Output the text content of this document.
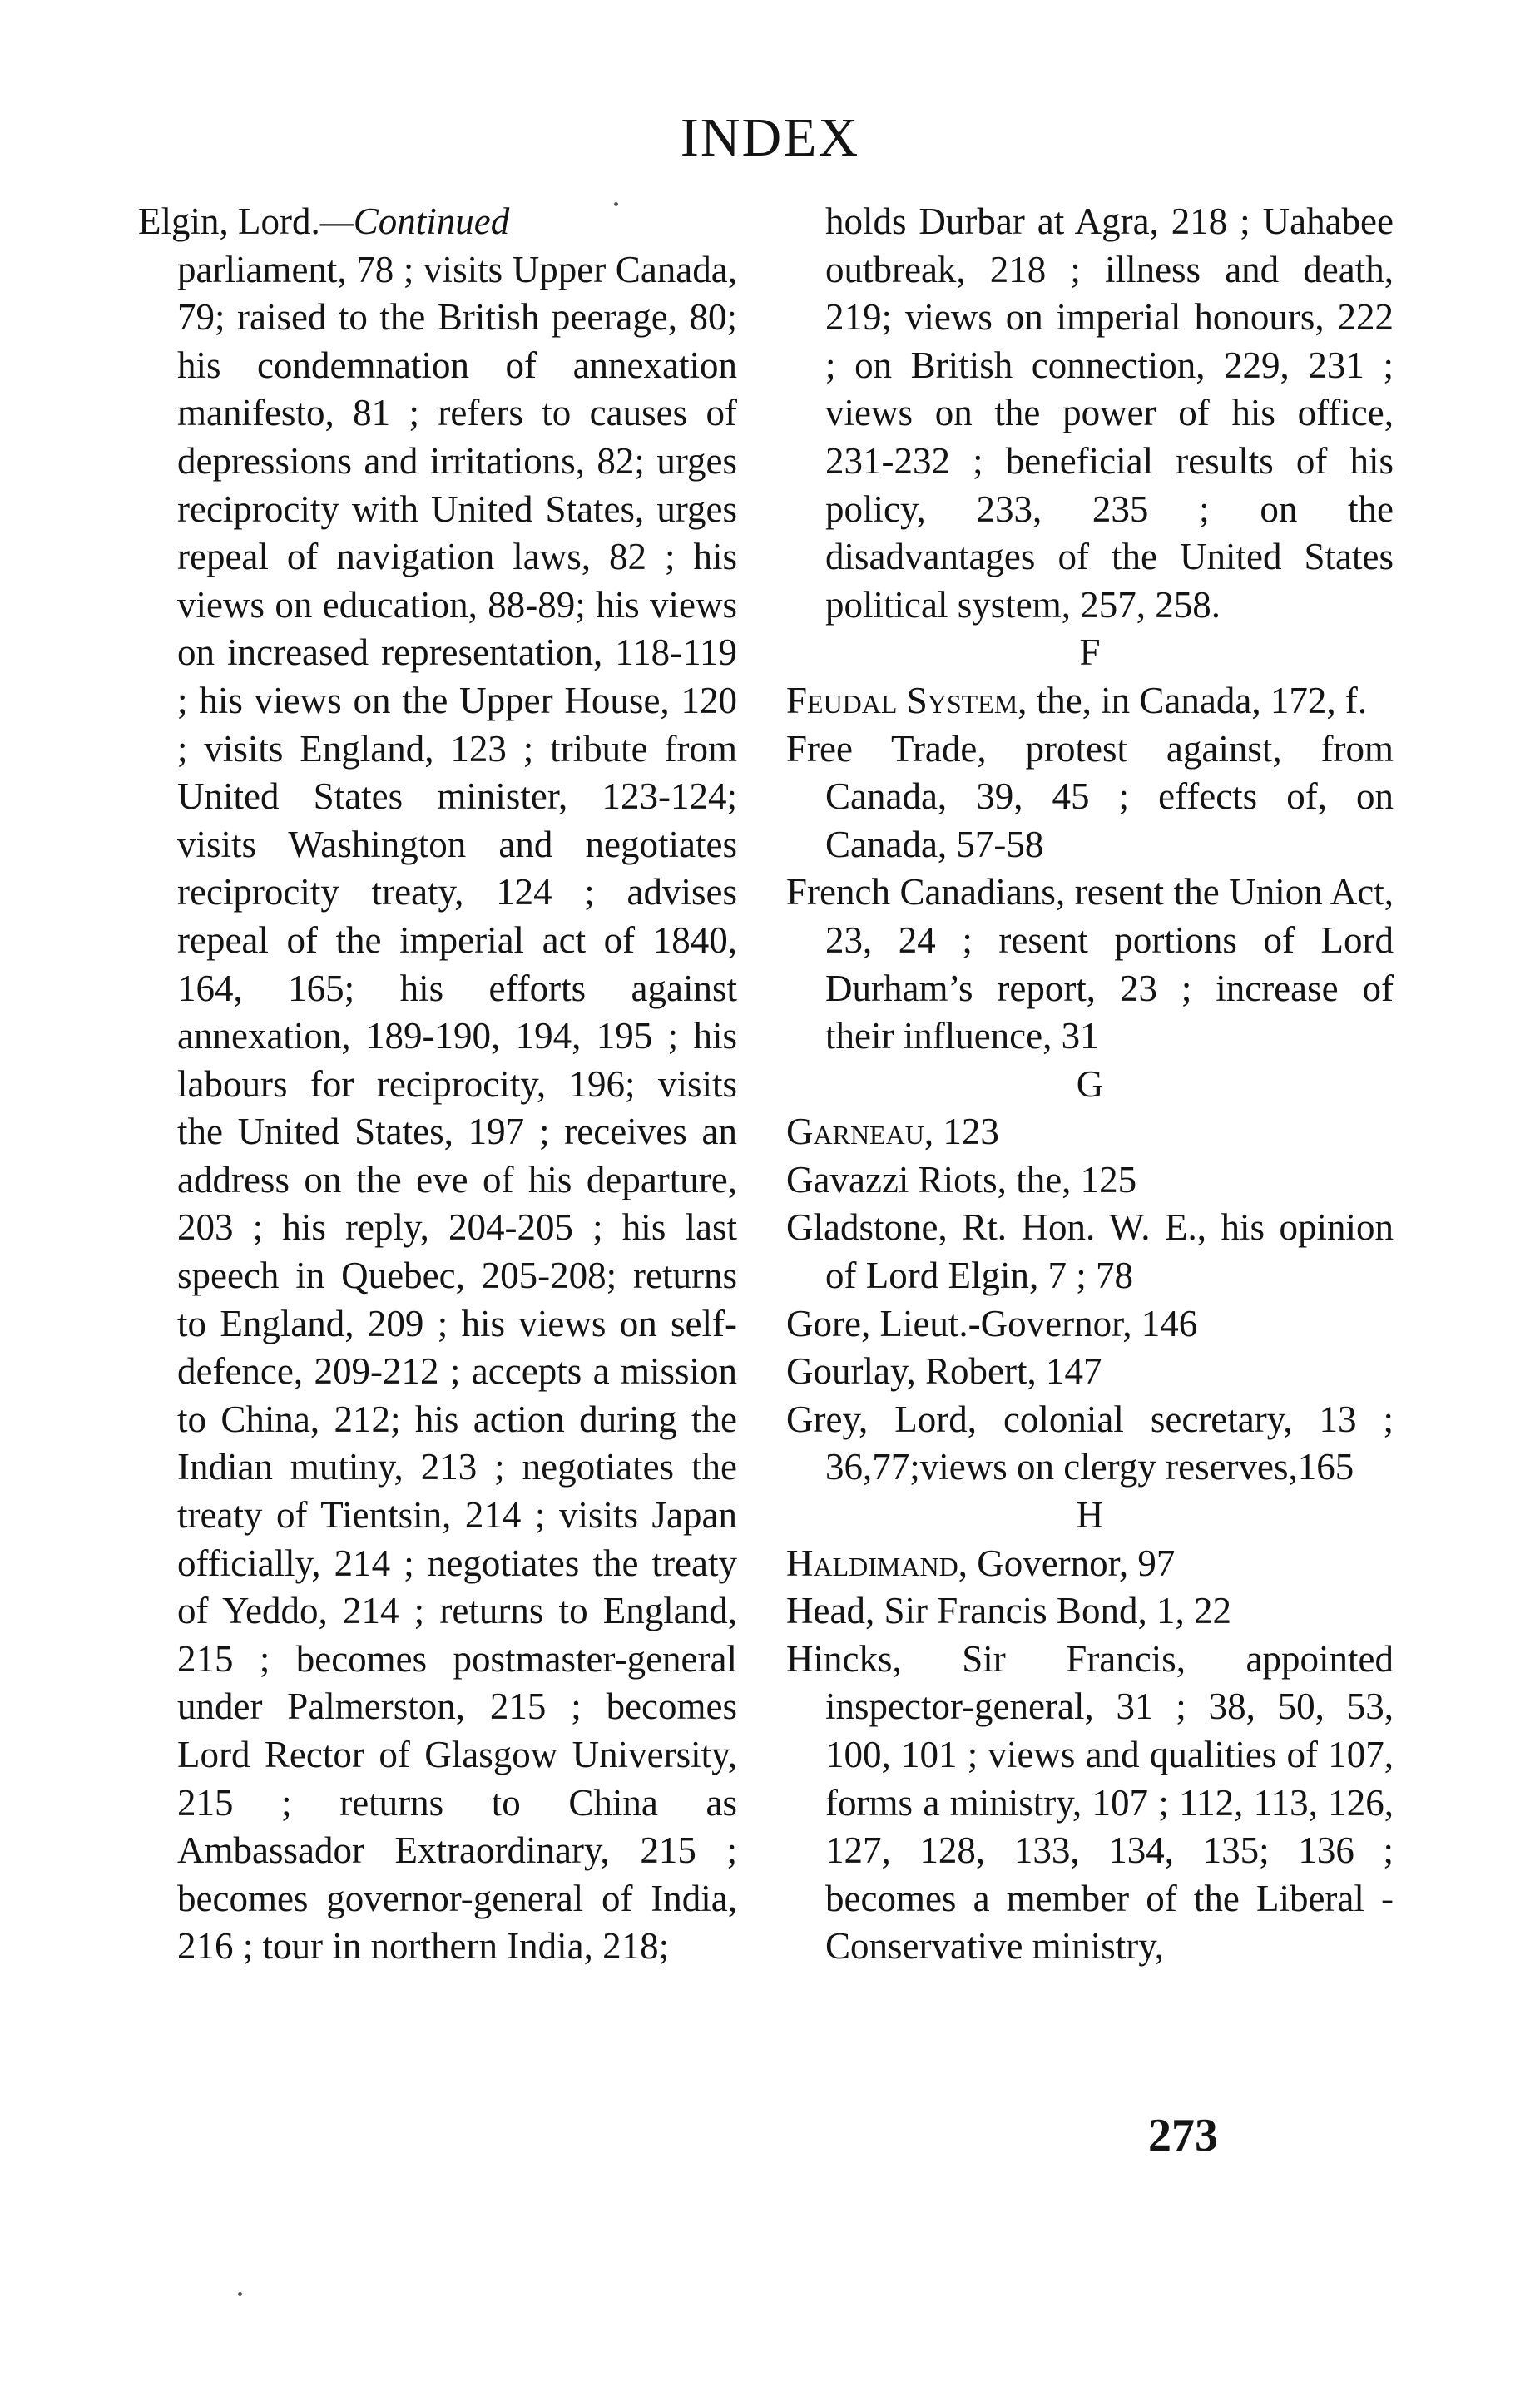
INDEX
Elgin, Lord.—Continued
parliament, 78 ; visits Upper Canada, 79; raised to the British peerage, 80; his condemnation of annexation manifesto, 81 ; refers to causes of depressions and irritations, 82; urges reciprocity with United States, urges repeal of navigation laws, 82 ; his views on education, 88-89; his views on increased representation, 118-119 ; his views on the Upper House, 120 ; visits England, 123 ; tribute from United States minister, 123-124; visits Washington and negotiates reciprocity treaty, 124 ; advises repeal of the imperial act of 1840, 164, 165; his efforts against annexation, 189-190, 194, 195 ; his labours for reciprocity, 196; visits the United States, 197 ; receives an address on the eve of his departure, 203 ; his reply, 204-205 ; his last speech in Quebec, 205-208; returns to England, 209 ; his views on self-defence, 209-212 ; accepts a mission to China, 212; his action during the Indian mutiny, 213 ; negotiates the treaty of Tientsin, 214 ; visits Japan officially, 214 ; negotiates the treaty of Yeddo, 214 ; returns to England, 215 ; becomes postmaster-general under Palmerston, 215 ; becomes Lord Rector of Glasgow University, 215 ; returns to China as Ambassador Extraordinary, 215 ; becomes governor-general of India, 216 ; tour in northern India, 218;
holds Durbar at Agra, 218 ; Uahabee outbreak, 218 ; illness and death, 219; views on imperial honours, 222 ; on British connection, 229, 231 ; views on the power of his office, 231-232 ; beneficial results of his policy, 233, 235 ; on the disadvantages of the United States political system, 257, 258.
F
Feudal System, the, in Canada, 172, f.
Free Trade, protest against, from Canada, 39, 45 ; effects of, on Canada, 57-58
French Canadians, resent the Union Act, 23, 24 ; resent portions of Lord Durham’s report, 23 ; increase of their influence, 31
G
Garneau, 123
Gavazzi Riots, the, 125
Gladstone, Rt. Hon. W. E., his opinion of Lord Elgin, 7 ; 78
Gore, Lieut.-Governor, 146
Gourlay, Robert, 147
Grey, Lord, colonial secretary, 13 ; 36,77;views on clergy reserves,165
H
Haldimand, Governor, 97
Head, Sir Francis Bond, 1, 22
Hincks, Sir Francis, appointed inspector-general, 31 ; 38, 50, 53, 100, 101 ; views and qualities of 107, forms a ministry, 107 ; 112, 113, 126, 127, 128, 133, 134, 135; 136 ; becomes a member of the Liberal - Conservative ministry,
273
